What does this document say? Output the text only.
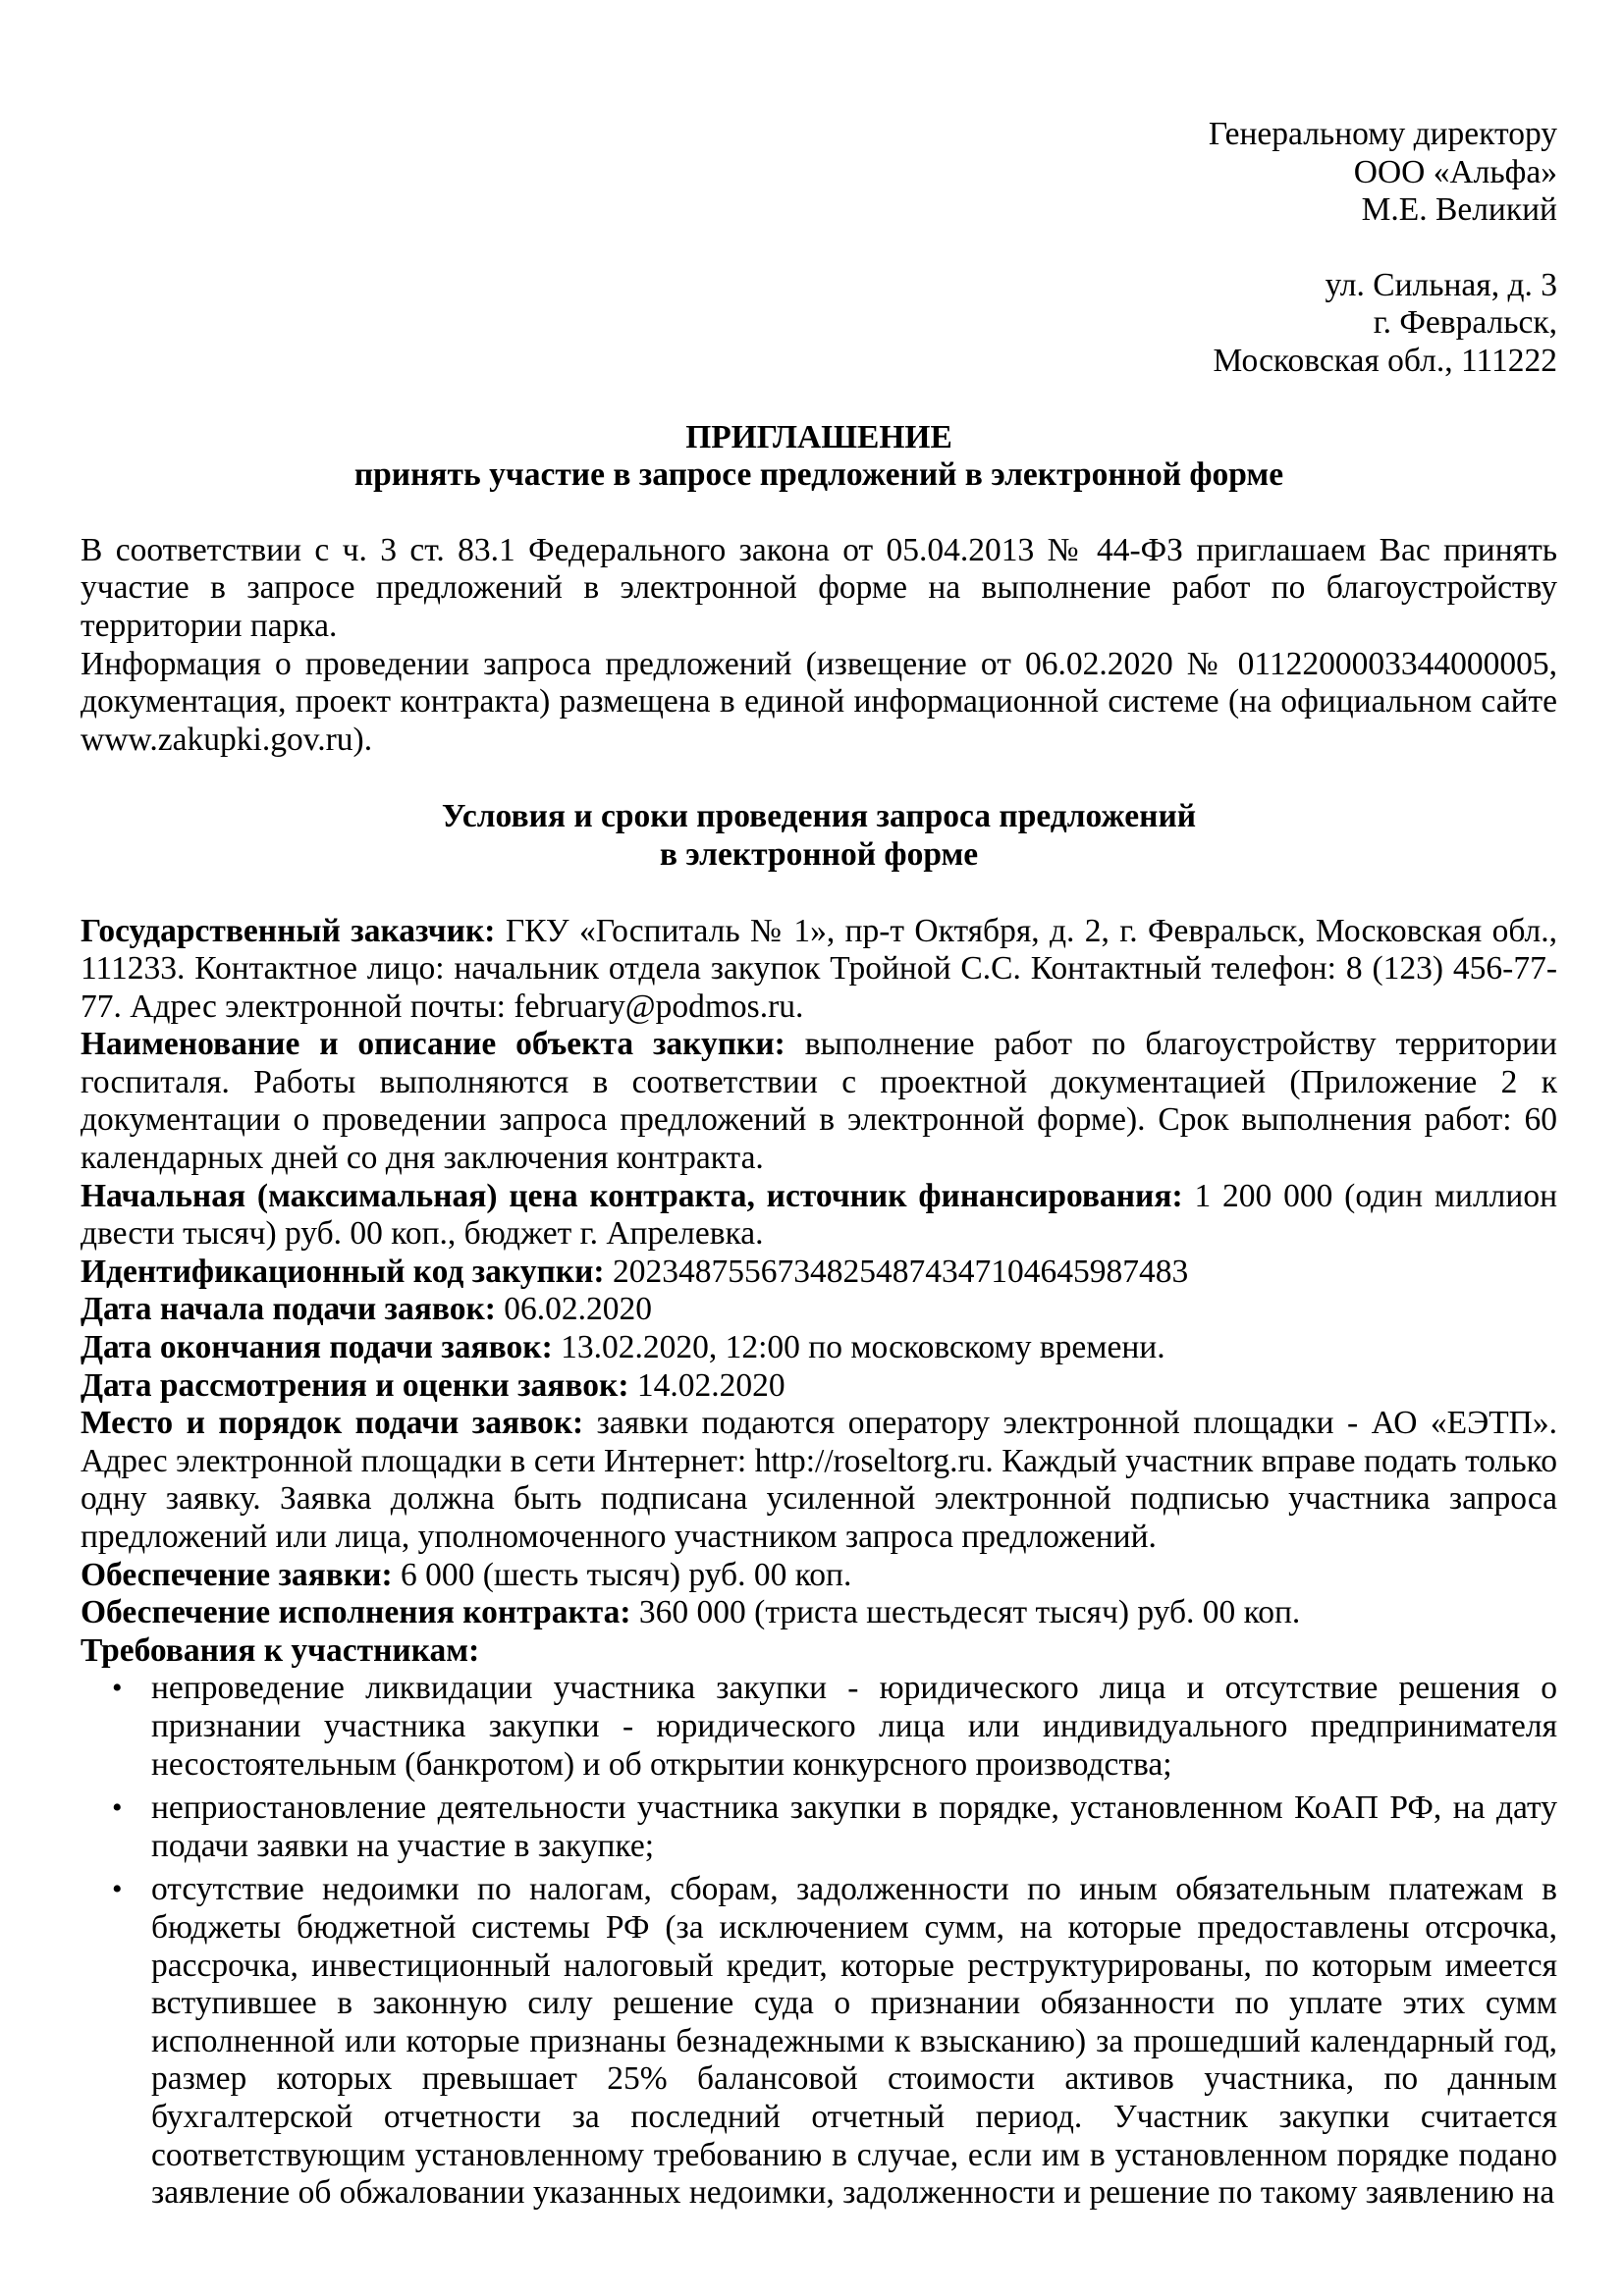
Генеральному директору
ООО «Альфа»
М.Е. Великий
ул. Сильная, д. 3
г. Февральск,
Московская обл., 111222
ПРИГЛАШЕНИЕ
принять участие в запросе предложений в электронной форме

В соответствии с ч. 3 ст. 83.1 Федерального закона от 05.04.2013 № 44-ФЗ приглашаем Вас принять участие в запросе предложений в электронной форме на выполнение работ по благоустройству территории парка.

Информация о проведении запроса предложений (извещение от 06.02.2020 № 0112200003344000005, документация, проект контракта) размещена в единой информационной системе (на официальном сайте www.zakupki.gov.ru).

Условия и сроки проведения запроса предложений
в электронной форме

Государственный заказчик: ГКУ «Госпиталь № 1», пр-т Октября, д. 2, г. Февральск, Московская обл., 111233. Контактное лицо: начальник отдела закупок Тройной С.С. Контактный телефон: 8 (123) 456-77-77. Адрес электронной почты: february@podmos.ru.

Наименование и описание объекта закупки: выполнение работ по благоустройству территории госпиталя. Работы выполняются в соответствии с проектной документацией (Приложение 2 к документации о проведении запроса предложений в электронной форме). Срок выполнения работ: 60 календарных дней со дня заключения контракта.

Начальная (максимальная) цена контракта, источник финансирования: 1 200 000 (один миллион двести тысяч) руб. 00 коп., бюджет г. Апрелевка.

Идентификационный код закупки: 202348755673482548743471046459874​83

Дата начала подачи заявок: 06.02.2020

Дата окончания подачи заявок: 13.02.2020, 12:00 по московскому времени.

Дата рассмотрения и оценки заявок: 14.02.2020

Место и порядок подачи заявок: заявки подаются оператору электронной площадки - АО «ЕЭТП». Адрес электронной площадки в сети Интернет: http://roseltorg.ru. Каждый участник вправе подать только одну заявку. Заявка должна быть подписана усиленной электронной подписью участника запроса предложений или лица, уполномоченного участником запроса предложений.

Обеспечение заявки: 6 000 (шесть тысяч) руб. 00 коп.

Обеспечение исполнения контракта: 360 000 (триста шестьдесят тысяч) руб. 00 коп.

Требования к участникам:
• непроведение ликвидации участника закупки - юридического лица и отсутствие решения о признании участника закупки - юридического лица или индивидуального предпринимателя несостоятельным (банкротом) и об открытии конкурсного производства;
• неприостановление деятельности участника закупки в порядке, установленном КоАП РФ, на дату подачи заявки на участие в закупке;
• отсутствие недоимки по налогам, сборам, задолженности по иным обязательным платежам в бюджеты бюджетной системы РФ (за исключением сумм, на которые предоставлены отсрочка, рассрочка, инвестиционный налоговый кредит, которые реструктурированы, по которым имеется вступившее в законную силу решение суда о признании обязанности по уплате этих сумм исполненной или которые признаны безнадежными к взысканию) за прошедший календарный год, размер которых превышает 25% балансовой стоимости активов участника, по данным бухгалтерской отчетности за последний отчетный период. Участник закупки считается соответствующим установленному требованию в случае, если им в установленном порядке подано заявление об обжаловании указанных недоимки, задолженности и решение по такому заявлению на
